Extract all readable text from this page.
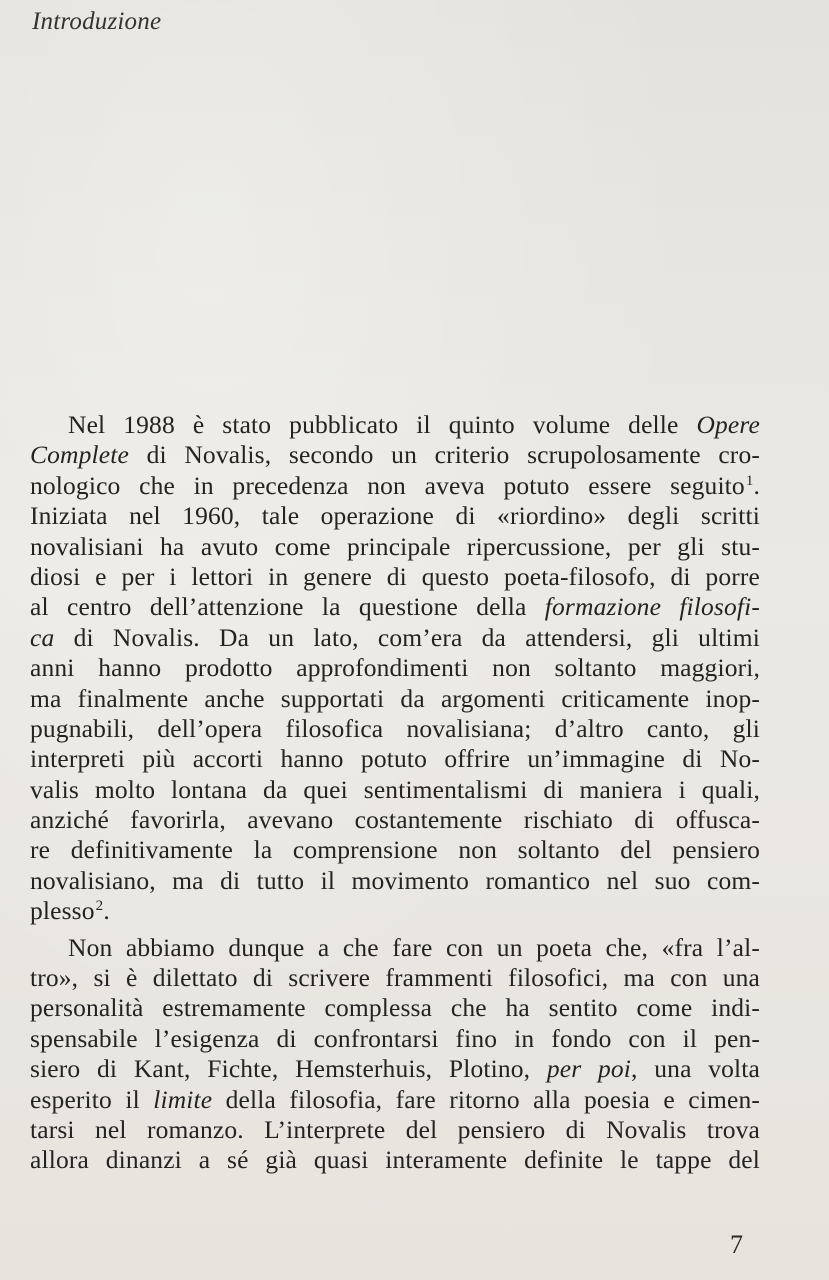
Introduzione
Nel 1988 è stato pubblicato il quinto volume delle Opere
Complete di Novalis, secondo un criterio scrupolosamente cro-
nologico che in precedenza non aveva potuto essere seguito$^1$.
Iniziata nel 1960, tale operazione di «riordino» degli scritti
novalisiani ha avuto come principale ripercussione, per gli stu-
diosi e per i lettori in genere di questo poeta-filosofo, di porre
al centro dell’attenzione la questione della formazione filosofi-
ca di Novalis. Da un lato, com’era da attendersi, gli ultimi
anni hanno prodotto approfondimenti non soltanto maggiori,
ma finalmente anche supportati da argomenti criticamente inop-
pugnabili, dell’opera filosofica novalisiana; d’altro canto, gli
interpreti più accorti hanno potuto offrire un’immagine di No-
valis molto lontana da quei sentimentalismi di maniera i quali,
anziché favorirla, avevano costantemente rischiato di offusca-
re definitivamente la comprensione non soltanto del pensiero
novalisiano, ma di tutto il movimento romantico nel suo com-
plesso$^2$.
Non abbiamo dunque a che fare con un poeta che, «fra l’al-
tro», si è dilettato di scrivere frammenti filosofici, ma con una
personalità estremamente complessa che ha sentito come indi-
spensabile l’esigenza di confrontarsi fino in fondo con il pen-
siero di Kant, Fichte, Hemsterhuis, Plotino, per poi, una volta
esperito il limite della filosofia, fare ritorno alla poesia e cimen-
tarsi nel romanzo. L’interprete del pensiero di Novalis trova
allora dinanzi a sé già quasi interamente definite le tappe del
7
